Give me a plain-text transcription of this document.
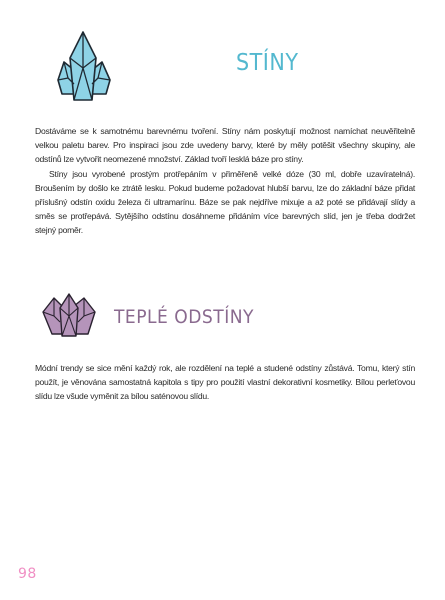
STÍNY

Dostáváme se k samotnému barevnému tvoření. Stíny nám poskytují možnost namíchat neuvěřitelně velkou paletu barev. Pro inspiraci jsou zde uvedeny barvy, které by měly potěšit všechny skupiny, ale odstínů lze vytvořit neomezené množství. Základ tvoří lesklá báze pro stíny.

Stíny jsou vyrobené prostým protřepáním v přiměřeně velké dóze (30 ml, dobře uzavíratelná). Broušením by došlo ke ztrátě lesku. Pokud budeme požadovat hlubší barvu, lze do základní báze přidat příslušný odstín oxidu železa či ultramarínu. Báze se pak nejdříve mixuje a až poté se přidávají slídy a směs se protřepává. Sytějšího odstínu dosáhneme přidáním více barevných slíd, jen je třeba dodržet stejný poměr.

TEPLÉ ODSTÍNY

Módní trendy se sice mění každý rok, ale rozdělení na teplé a studené odstíny zůstává. Tomu, který stín použít, je věnována samostatná kapitola s tipy pro použití vlastní dekorativní kosmetiky. Bílou perleťovou slídu lze všude vyměnit za bílou saténovou slídu.

98
